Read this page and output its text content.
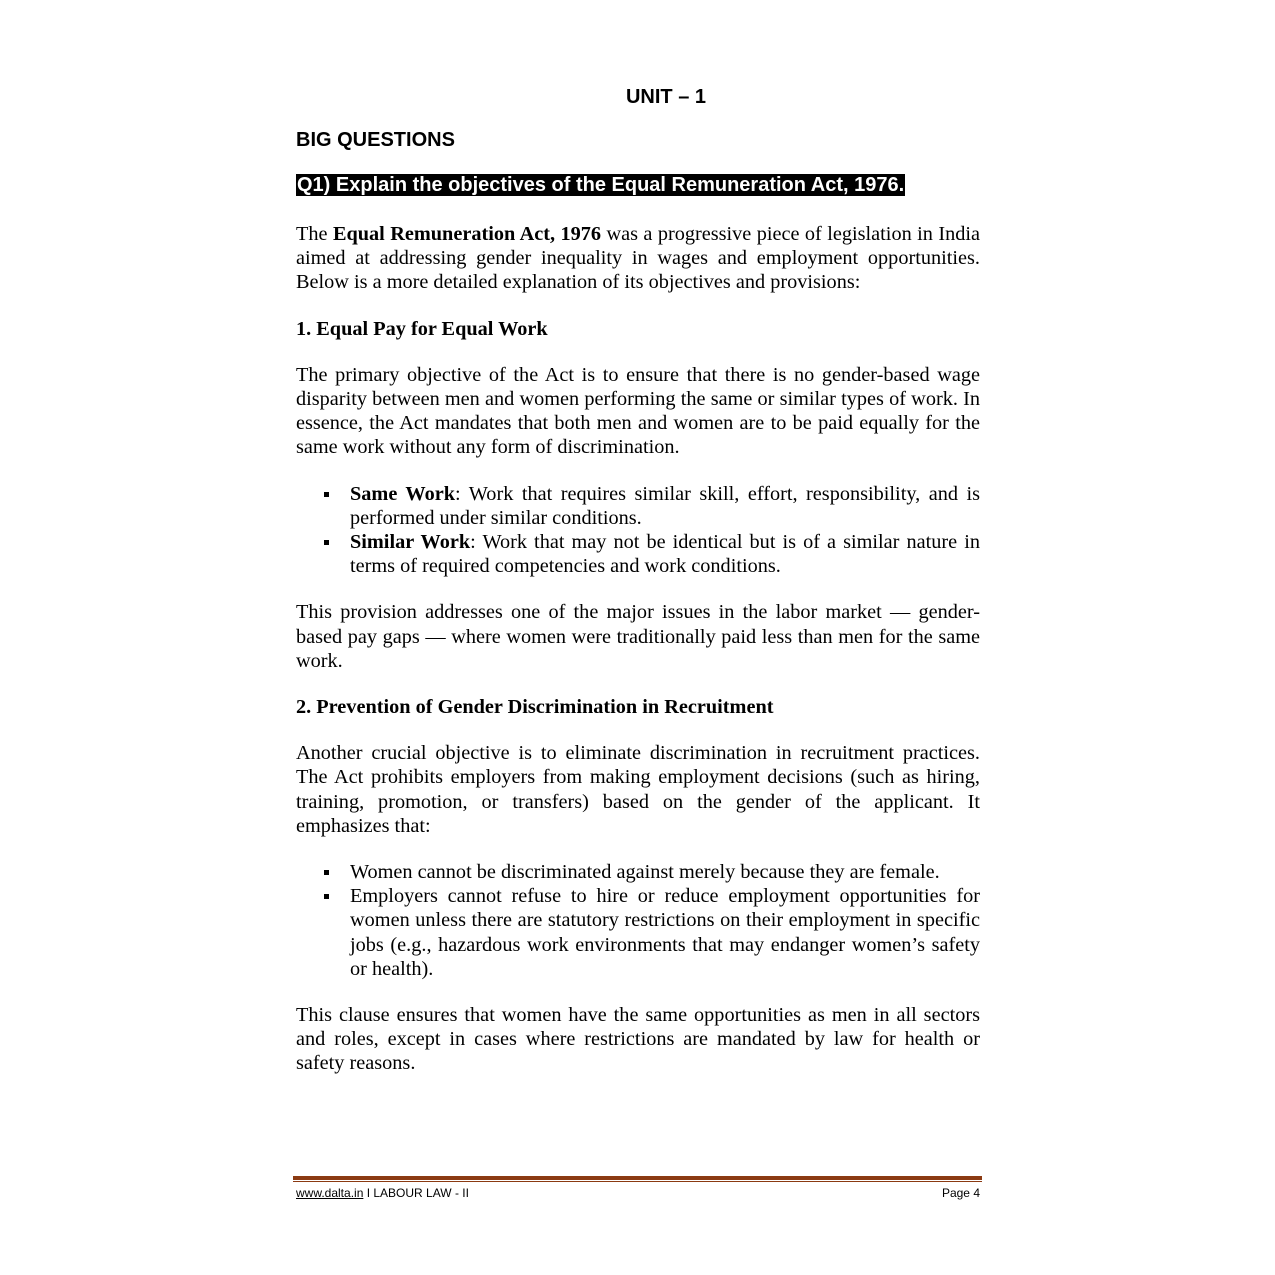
UNIT – 1
BIG QUESTIONS

Q1) Explain the objectives of the Equal Remuneration Act, 1976.

The Equal Remuneration Act, 1976 was a progressive piece of legislation in India aimed at addressing gender inequality in wages and employment opportunities. Below is a more detailed explanation of its objectives and provisions:

1. Equal Pay for Equal Work

The primary objective of the Act is to ensure that there is no gender-based wage disparity between men and women performing the same or similar types of work. In essence, the Act mandates that both men and women are to be paid equally for the same work without any form of discrimination.

Same Work: Work that requires similar skill, effort, responsibility, and is performed under similar conditions.
Similar Work: Work that may not be identical but is of a similar nature in terms of required competencies and work conditions.

This provision addresses one of the major issues in the labor market — gender-based pay gaps — where women were traditionally paid less than men for the same work.

2. Prevention of Gender Discrimination in Recruitment

Another crucial objective is to eliminate discrimination in recruitment practices. The Act prohibits employers from making employment decisions (such as hiring, training, promotion, or transfers) based on the gender of the applicant. It emphasizes that:

Women cannot be discriminated against merely because they are female.
Employers cannot refuse to hire or reduce employment opportunities for women unless there are statutory restrictions on their employment in specific jobs (e.g., hazardous work environments that may endanger women’s safety or health).

This clause ensures that women have the same opportunities as men in all sectors and roles, except in cases where restrictions are mandated by law for health or safety reasons.

www.dalta.in I LABOUR LAW - II	Page 4
